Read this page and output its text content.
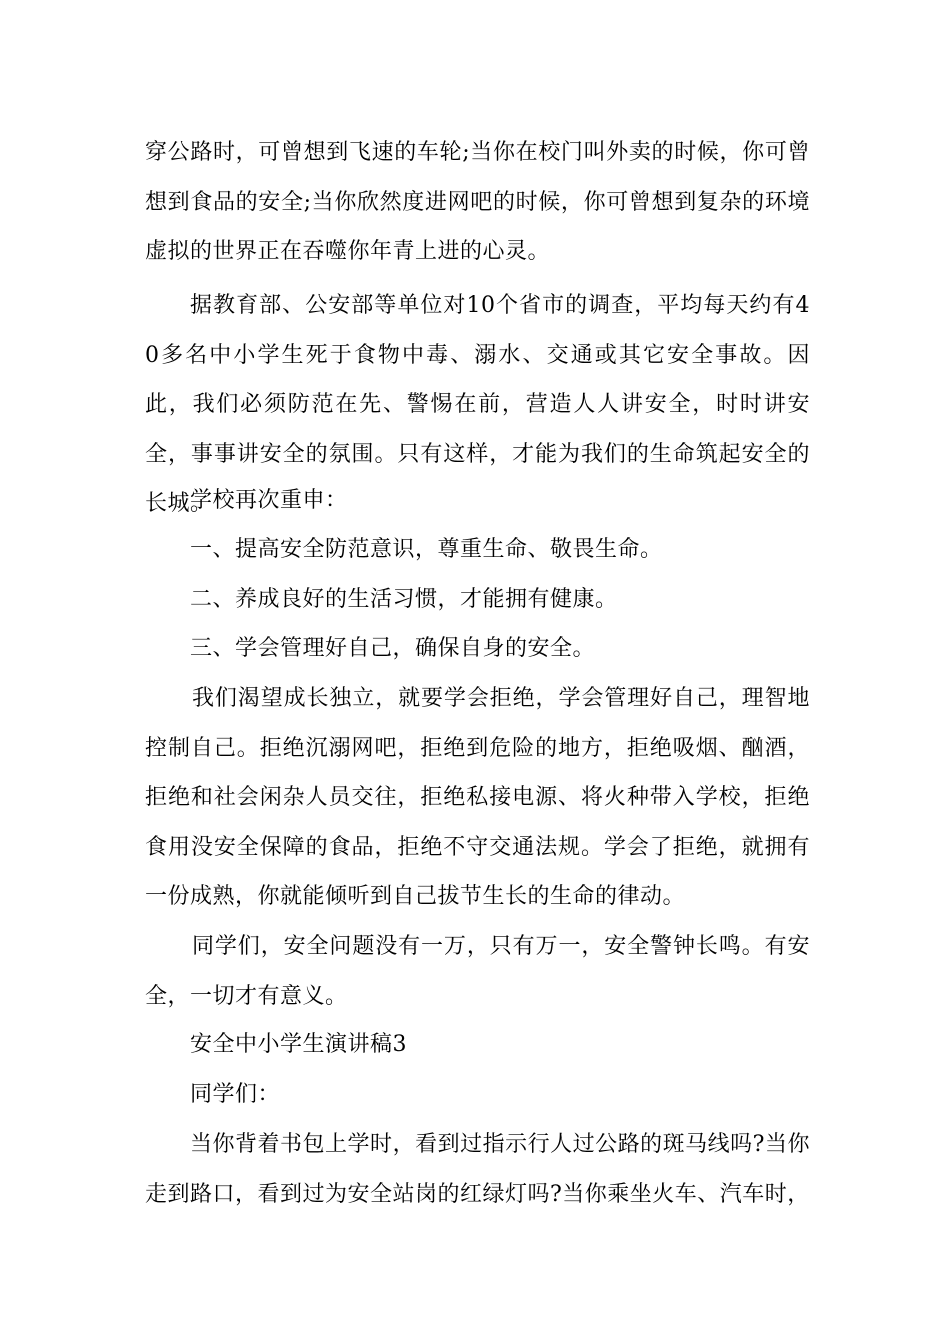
穿公路时，可曾想到飞速的车轮;当你在校门叫外卖的时候，你可曾想到食品的安全;当你欣然度进网吧的时候，你可曾想到复杂的环境虚拟的世界正在吞噬你年青上进的心灵。

据教育部、公安部等单位对10个省市的调查，平均每天约有40多名中小学生死于食物中毒、溺水、交通或其它安全事故。因此，我们必须防范在先、警惕在前，营造人人讲安全，时时讲安全，事事讲安全的氛围。只有这样，才能为我们的生命筑起安全的长城。

学校再次重申：

一、提高安全防范意识，尊重生命、敬畏生命。

二、养成良好的生活习惯，才能拥有健康。

三、学会管理好自己，确保自身的安全。

我们渴望成长独立，就要学会拒绝，学会管理好自己，理智地控制自己。拒绝沉溺网吧，拒绝到危险的地方，拒绝吸烟、酗酒，拒绝和社会闲杂人员交往，拒绝私接电源、将火种带入学校，拒绝食用没安全保障的食品，拒绝不守交通法规。学会了拒绝，就拥有一份成熟，你就能倾听到自己拔节生长的生命的律动。

同学们，安全问题没有一万，只有万一，安全警钟长鸣。有安全，一切才有意义。

安全中小学生演讲稿3

同学们：

当你背着书包上学时，看到过指示行人过公路的斑马线吗?当你走到路口，看到过为安全站岗的红绿灯吗?当你乘坐火车、汽车时，
